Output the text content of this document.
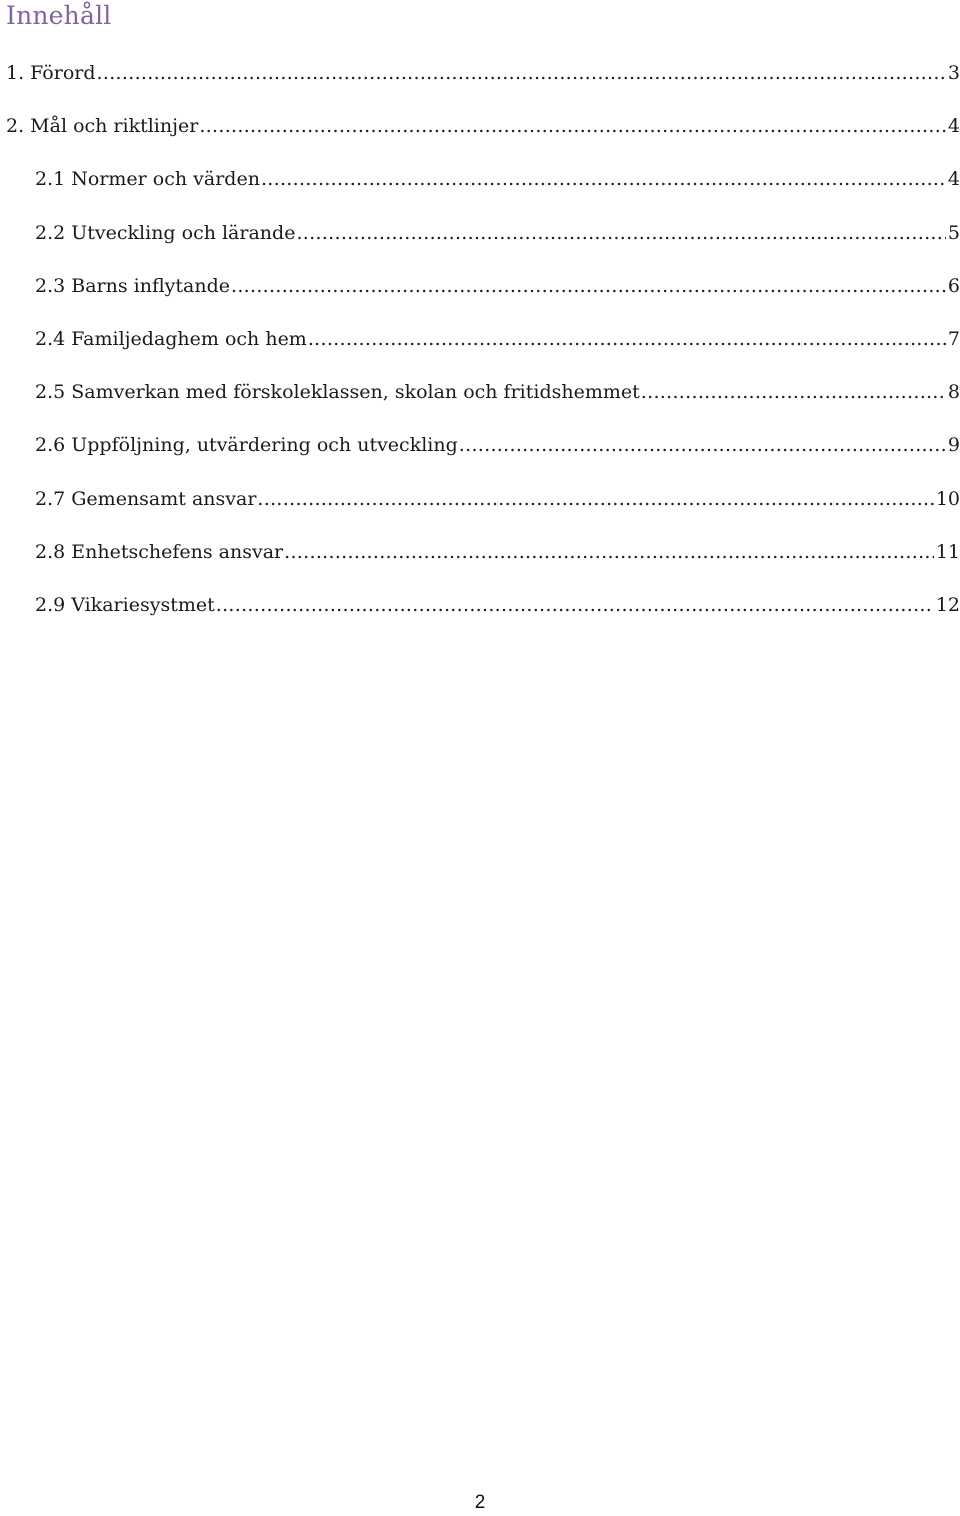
Innehåll
1. Förord .....	3
2. Mål och riktlinjer .....	4
2.1 Normer och värden .....	4
2.2 Utveckling och lärande .....	5
2.3 Barns inflytande .....	6
2.4 Familjedaghem och hem .....	7
2.5 Samverkan med förskoleklassen, skolan och fritidshemmet .....	8
2.6 Uppföljning, utvärdering och utveckling .....	9
2.7 Gemensamt ansvar .....	10
2.8 Enhetschefens ansvar .....	11
2.9 Vikariesystmet .....	12
2
